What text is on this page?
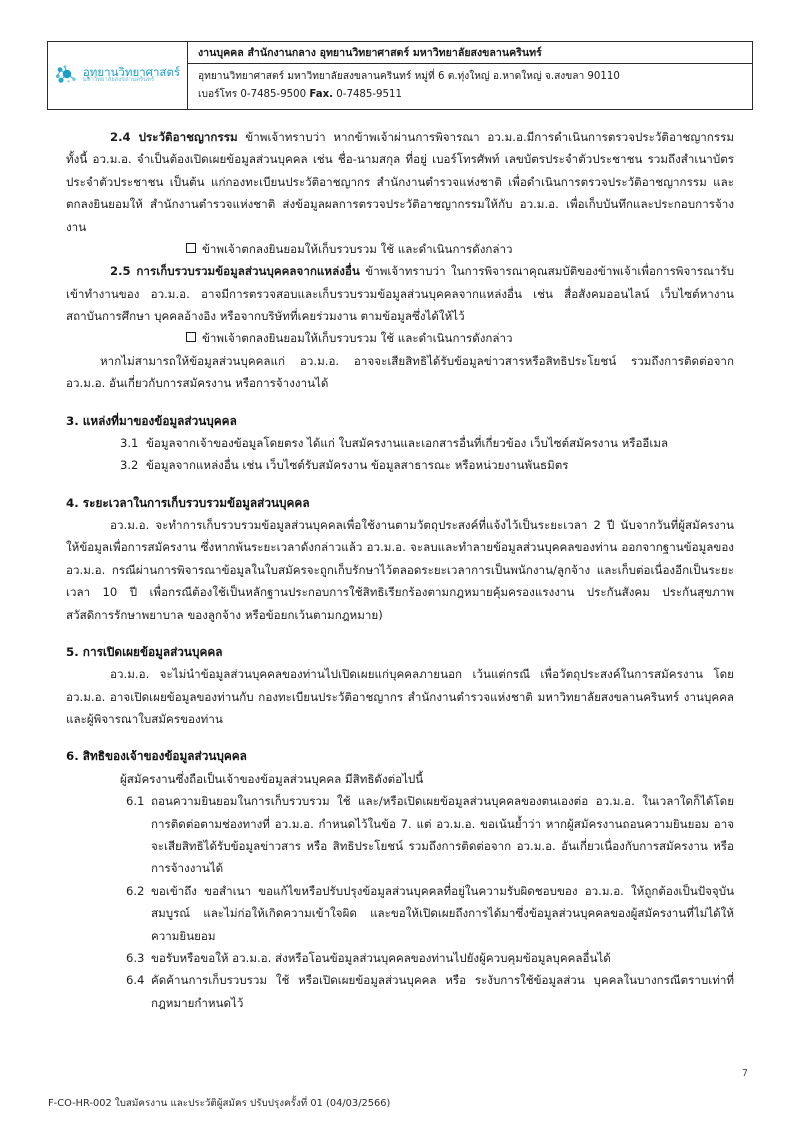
อุทยานวิทยาศาสตร์
มหาวิทยาลัยสงขลานครินทร์
งานบุคคล สำนักงานกลาง อุทยานวิทยาศาสตร์ มหาวิทยาลัยสงขลานครินทร์
อุทยานวิทยาศาสตร์ มหาวิทยาลัยสงขลานครินทร์ หมู่ที่ 6 ต.ทุ่งใหญ่ อ.หาดใหญ่ จ.สงขลา 90110
เบอร์โทร 0-7485-9500 Fax. 0-7485-9511

2.4 ประวัติอาชญากรรม ข้าพเจ้าทราบว่า หากข้าพเจ้าผ่านการพิจารณา อว.ม.อ.มีการดำเนินการตรวจประวัติอาชญากรรม ทั้งนี้ อว.ม.อ. จำเป็นต้องเปิดเผยข้อมูลส่วนบุคคล เช่น ชื่อ-นามสกุล ที่อยู่ เบอร์โทรศัพท์ เลขบัตรประจำตัวประชาชน รวมถึงสำเนาบัตรประจำตัวประชาชน เป็นต้น แก่กองทะเบียนประวัติอาชญากร สำนักงานตำรวจแห่งชาติ เพื่อดำเนินการตรวจประวัติอาชญากรรม และตกลงยินยอมให้ สำนักงานตำรวจแห่งชาติ ส่งข้อมูลผลการตรวจประวัติอาชญากรรมให้กับ อว.ม.อ. เพื่อเก็บบันทึกและประกอบการจ้างงาน

ข้าพเจ้าตกลงยินยอมให้เก็บรวบรวม ใช้ และดำเนินการดังกล่าว

2.5 การเก็บรวบรวมข้อมูลส่วนบุคคลจากแหล่งอื่น ข้าพเจ้าทราบว่า ในการพิจารณาคุณสมบัติของข้าพเจ้าเพื่อการพิจารณารับเข้าทำงานของ อว.ม.อ. อาจมีการตรวจสอบและเก็บรวบรวมข้อมูลส่วนบุคคลจากแหล่งอื่น เช่น สื่อสังคมออนไลน์ เว็บไซต์หางาน สถาบันการศึกษา บุคคลอ้างอิง หรือจากบริษัทที่เคยร่วมงาน ตามข้อมูลซึ่งได้ให้ไว้

ข้าพเจ้าตกลงยินยอมให้เก็บรวบรวม ใช้ และดำเนินการดังกล่าว

หากไม่สามารถให้ข้อมูลส่วนบุคคลแก่ อว.ม.อ. อาจจะเสียสิทธิได้รับข้อมูลข่าวสารหรือสิทธิประโยชน์ รวมถึงการติดต่อจาก อว.ม.อ. อันเกี่ยวกับการสมัครงาน หรือการจ้างงานได้

3. แหล่งที่มาของข้อมูลส่วนบุคคล
3.1 ข้อมูลจากเจ้าของข้อมูลโดยตรง ได้แก่ ใบสมัครงานและเอกสารอื่นที่เกี่ยวข้อง เว็บไซต์สมัครงาน หรืออีเมล
3.2 ข้อมูลจากแหล่งอื่น เช่น เว็บไซต์รับสมัครงาน ข้อมูลสาธารณะ หรือหน่วยงานพันธมิตร
4. ระยะเวลาในการเก็บรวบรวมข้อมูลส่วนบุคคล

อว.ม.อ. จะทำการเก็บรวบรวมข้อมูลส่วนบุคคลเพื่อใช้งานตามวัตถุประสงค์ที่แจ้งไว้เป็นระยะเวลา 2 ปี นับจากวันที่ผู้สมัครงานให้ข้อมูลเพื่อการสมัครงาน ซึ่งหากพ้นระยะเวลาดังกล่าวแล้ว อว.ม.อ. จะลบและทำลายข้อมูลส่วนบุคคลของท่าน ออกจากฐานข้อมูลของ อว.ม.อ. กรณีผ่านการพิจารณาข้อมูลในใบสมัครจะถูกเก็บรักษาไว้ตลอดระยะเวลาการเป็นพนักงาน/ลูกจ้าง และเก็บต่อเนื่องอีกเป็นระยะเวลา 10 ปี เพื่อกรณีต้องใช้เป็นหลักฐานประกอบการใช้สิทธิเรียกร้องตามกฎหมายคุ้มครองแรงงาน ประกันสังคม ประกันสุขภาพ สวัสดิการรักษาพยาบาล ของลูกจ้าง หรือข้อยกเว้นตามกฎหมาย)

5. การเปิดเผยข้อมูลส่วนบุคคล

อว.ม.อ. จะไม่นำข้อมูลส่วนบุคคลของท่านไปเปิดเผยแก่บุคคลภายนอก เว้นแต่กรณี เพื่อวัตถุประสงค์ในการสมัครงาน โดย อว.ม.อ. อาจเปิดเผยข้อมูลของท่านกับ กองทะเบียนประวัติอาชญากร สำนักงานตำรวจแห่งชาติ มหาวิทยาลัยสงขลานครินทร์ งานบุคคล และผู้พิจารณาใบสมัครของท่าน

6. สิทธิของเจ้าของข้อมูลส่วนบุคคล
ผู้สมัครงานซึ่งถือเป็นเจ้าของข้อมูลส่วนบุคคล มีสิทธิดังต่อไปนี้
6.1 ถอนความยินยอมในการเก็บรวบรวม ใช้ และ/หรือเปิดเผยข้อมูลส่วนบุคคลของตนเองต่อ อว.ม.อ. ในเวลาใดก็ได้โดยการติดต่อตามช่องทางที่ อว.ม.อ. กำหนดไว้ในข้อ 7. แต่ อว.ม.อ. ขอเน้นย้ำว่า หากผู้สมัครงานถอนความยินยอม อาจจะเสียสิทธิได้รับข้อมูลข่าวสาร หรือ สิทธิประโยชน์ รวมถึงการติดต่อจาก อว.ม.อ. อันเกี่ยวเนื่องกับการสมัครงาน หรือการจ้างงานได้
6.2 ขอเข้าถึง ขอสำเนา ขอแก้ไขหรือปรับปรุงข้อมูลส่วนบุคคลที่อยู่ในความรับผิดชอบของ อว.ม.อ. ให้ถูกต้องเป็นปัจจุบัน สมบูรณ์ และไม่ก่อให้เกิดความเข้าใจผิด และขอให้เปิดเผยถึงการได้มาซึ่งข้อมูลส่วนบุคคลของผู้สมัครงานที่ไม่ได้ให้ความยินยอม
6.3 ขอรับหรือขอให้ อว.ม.อ. ส่งหรือโอนข้อมูลส่วนบุคคลของท่านไปยังผู้ควบคุมข้อมูลบุคคลอื่นได้
6.4 คัดค้านการเก็บรวบรวม ใช้ หรือเปิดเผยข้อมูลส่วนบุคคล หรือ ระงับการใช้ข้อมูลส่วน บุคคลในบางกรณีตราบเท่าที่กฎหมายกำหนดไว้
7
F-CO-HR-002 ใบสมัครงาน และประวัติผู้สมัคร ปรับปรุงครั้งที่ 01 (04/03/2566)
